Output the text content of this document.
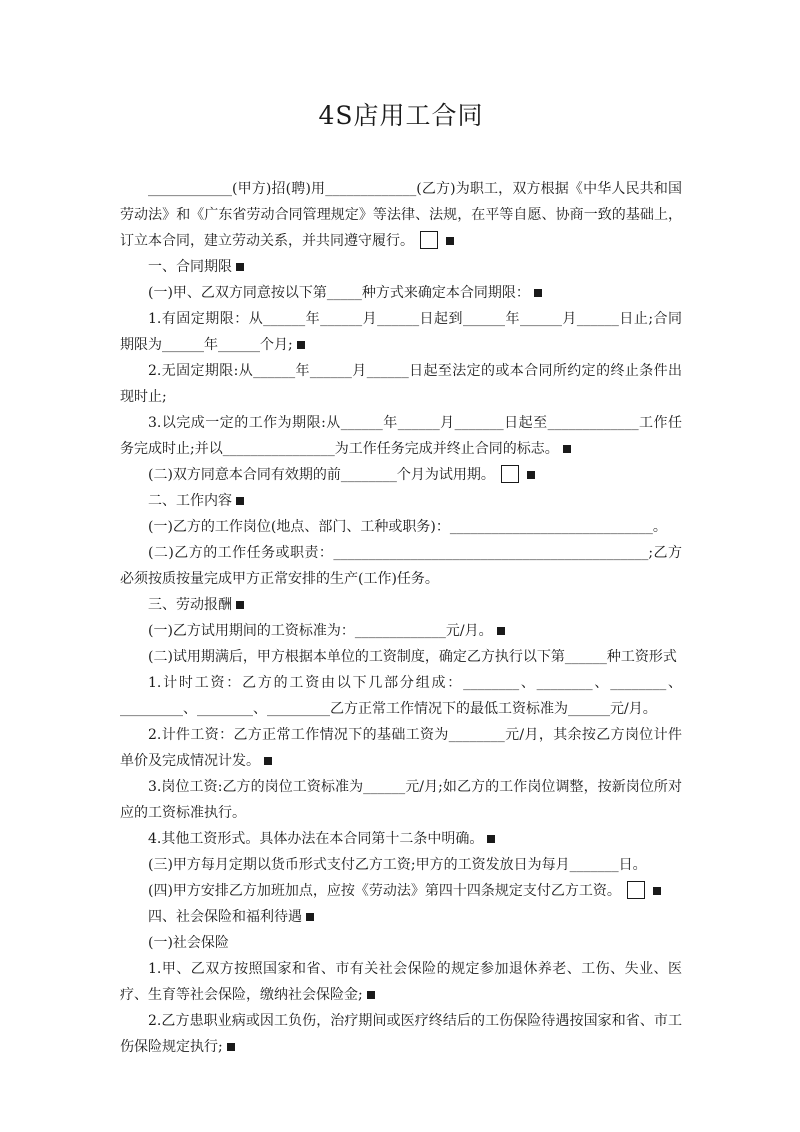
4S店用工合同

____________(甲方)招(聘)用_____________(乙方)为职工，双方根据《中华人民共和国劳动法》和《广东省劳动合同管理规定》等法律、法规，在平等自愿、协商一致的基础上，订立本合同，建立劳动关系，并共同遵守履行。

一、合同期限

(一)甲、乙双方同意按以下第_____种方式来确定本合同期限：

1.有固定期限：从______年______月______日起到______年______月______日止;合同期限为______年______个月;

2.无固定期限:从______年______月______日起至法定的或本合同所约定的终止条件出现时止;

3.以完成一定的工作为期限:从______年______月_______日起至_____________工作任务完成时止;并以________________为工作任务完成并终止合同的标志。

(二)双方同意本合同有效期的前________个月为试用期。

二、工作内容

(一)乙方的工作岗位(地点、部门、工种或职务)：_____________________________。

(二)乙方的工作任务或职责：_____________________________________________;乙方必须按质按量完成甲方正常安排的生产(工作)任务。

三、劳动报酬

(一)乙方试用期间的工资标准为：_____________元/月。

(二)试用期满后，甲方根据本单位的工资制度，确定乙方执行以下第______种工资形式

1.计时工资：乙方的工资由以下几部分组成：________、________、________、_________、________、_________乙方正常工作情况下的最低工资标准为______元/月。

2.计件工资：乙方正常工作情况下的基础工资为________元/月，其余按乙方岗位计件单价及完成情况计发。

3.岗位工资:乙方的岗位工资标准为______元/月;如乙方的工作岗位调整，按新岗位所对应的工资标准执行。

4.其他工资形式。具体办法在本合同第十二条中明确。

(三)甲方每月定期以货币形式支付乙方工资;甲方的工资发放日为每月_______日。

(四)甲方安排乙方加班加点，应按《劳动法》第四十四条规定支付乙方工资。

四、社会保险和福利待遇

(一)社会保险

1.甲、乙双方按照国家和省、市有关社会保险的规定参加退休养老、工伤、失业、医疗、生育等社会保险，缴纳社会保险金;

2.乙方患职业病或因工负伤，治疗期间或医疗终结后的工伤保险待遇按国家和省、市工伤保险规定执行;
